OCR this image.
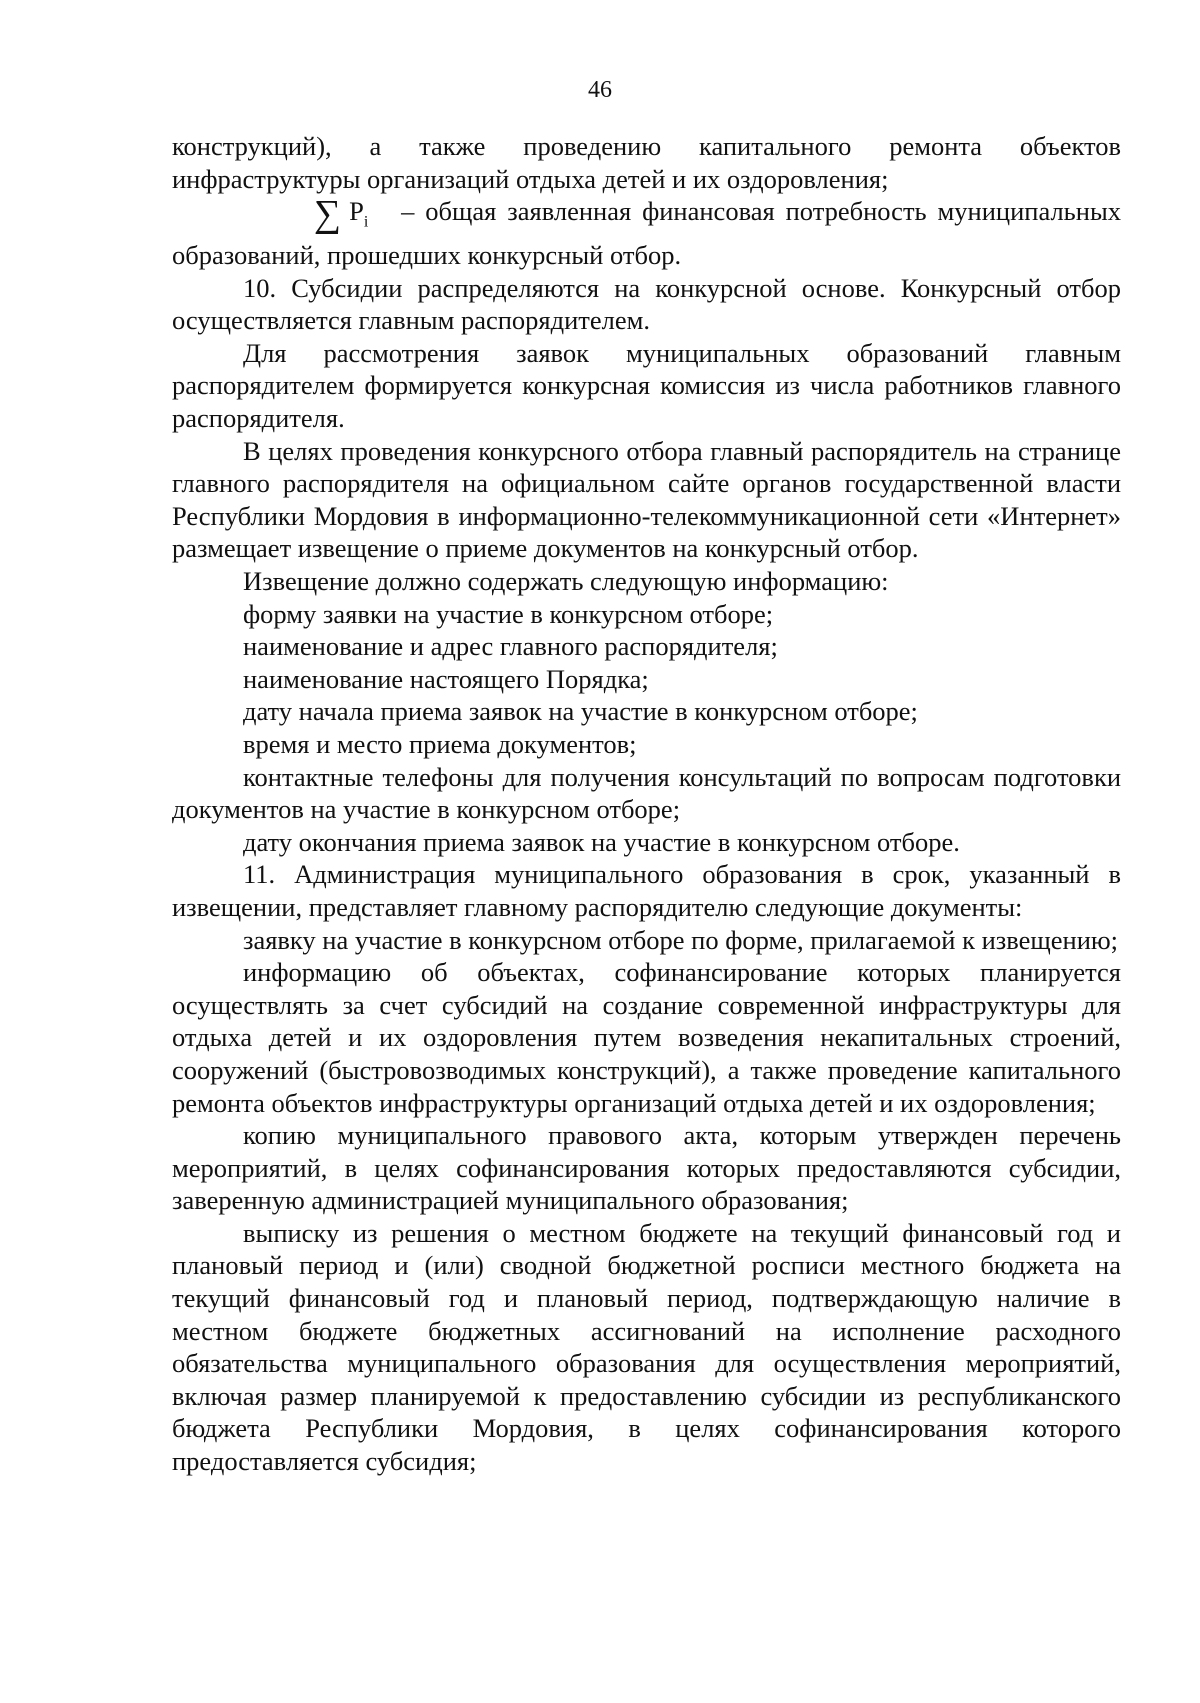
46

конструкций), а также проведению капитального ремонта объектов инфраструктуры организаций отдыха детей и их оздоровления;

∑ $P_i$ – общая заявленная финансовая потребность муниципальных образований, прошедших конкурсный отбор.

10. Субсидии распределяются на конкурсной основе. Конкурсный отбор осуществляется главным распорядителем.

Для рассмотрения заявок муниципальных образований главным распорядителем формируется конкурсная комиссия из числа работников главного распорядителя.

В целях проведения конкурсного отбора главный распорядитель на странице главного распорядителя на официальном сайте органов государственной власти Республики Мордовия в информационно-телекоммуникационной сети «Интернет» размещает извещение о приеме документов на конкурсный отбор.

Извещение должно содержать следующую информацию:

форму заявки на участие в конкурсном отборе;

наименование и адрес главного распорядителя;

наименование настоящего Порядка;

дату начала приема заявок на участие в конкурсном отборе;

время и место приема документов;

контактные телефоны для получения консультаций по вопросам подготовки документов на участие в конкурсном отборе;

дату окончания приема заявок на участие в конкурсном отборе.

11. Администрация муниципального образования в срок, указанный в извещении, представляет главному распорядителю следующие документы:

заявку на участие в конкурсном отборе по форме, прилагаемой к извещению;

информацию об объектах, софинансирование которых планируется осуществлять за счет субсидий на создание современной инфраструктуры для отдыха детей и их оздоровления путем возведения некапитальных строений, сооружений (быстровозводимых конструкций), а также проведение капитального ремонта объектов инфраструктуры организаций отдыха детей и их оздоровления;

копию муниципального правового акта, которым утвержден перечень мероприятий, в целях софинансирования которых предоставляются субсидии, заверенную администрацией муниципального образования;

выписку из решения о местном бюджете на текущий финансовый год и плановый период и (или) сводной бюджетной росписи местного бюджета на текущий финансовый год и плановый период, подтверждающую наличие в местном бюджете бюджетных ассигнований на исполнение расходного обязательства муниципального образования для осуществления мероприятий, включая размер планируемой к предоставлению субсидии из республиканского бюджета Республики Мордовия, в целях софинансирования которого предоставляется субсидия;
